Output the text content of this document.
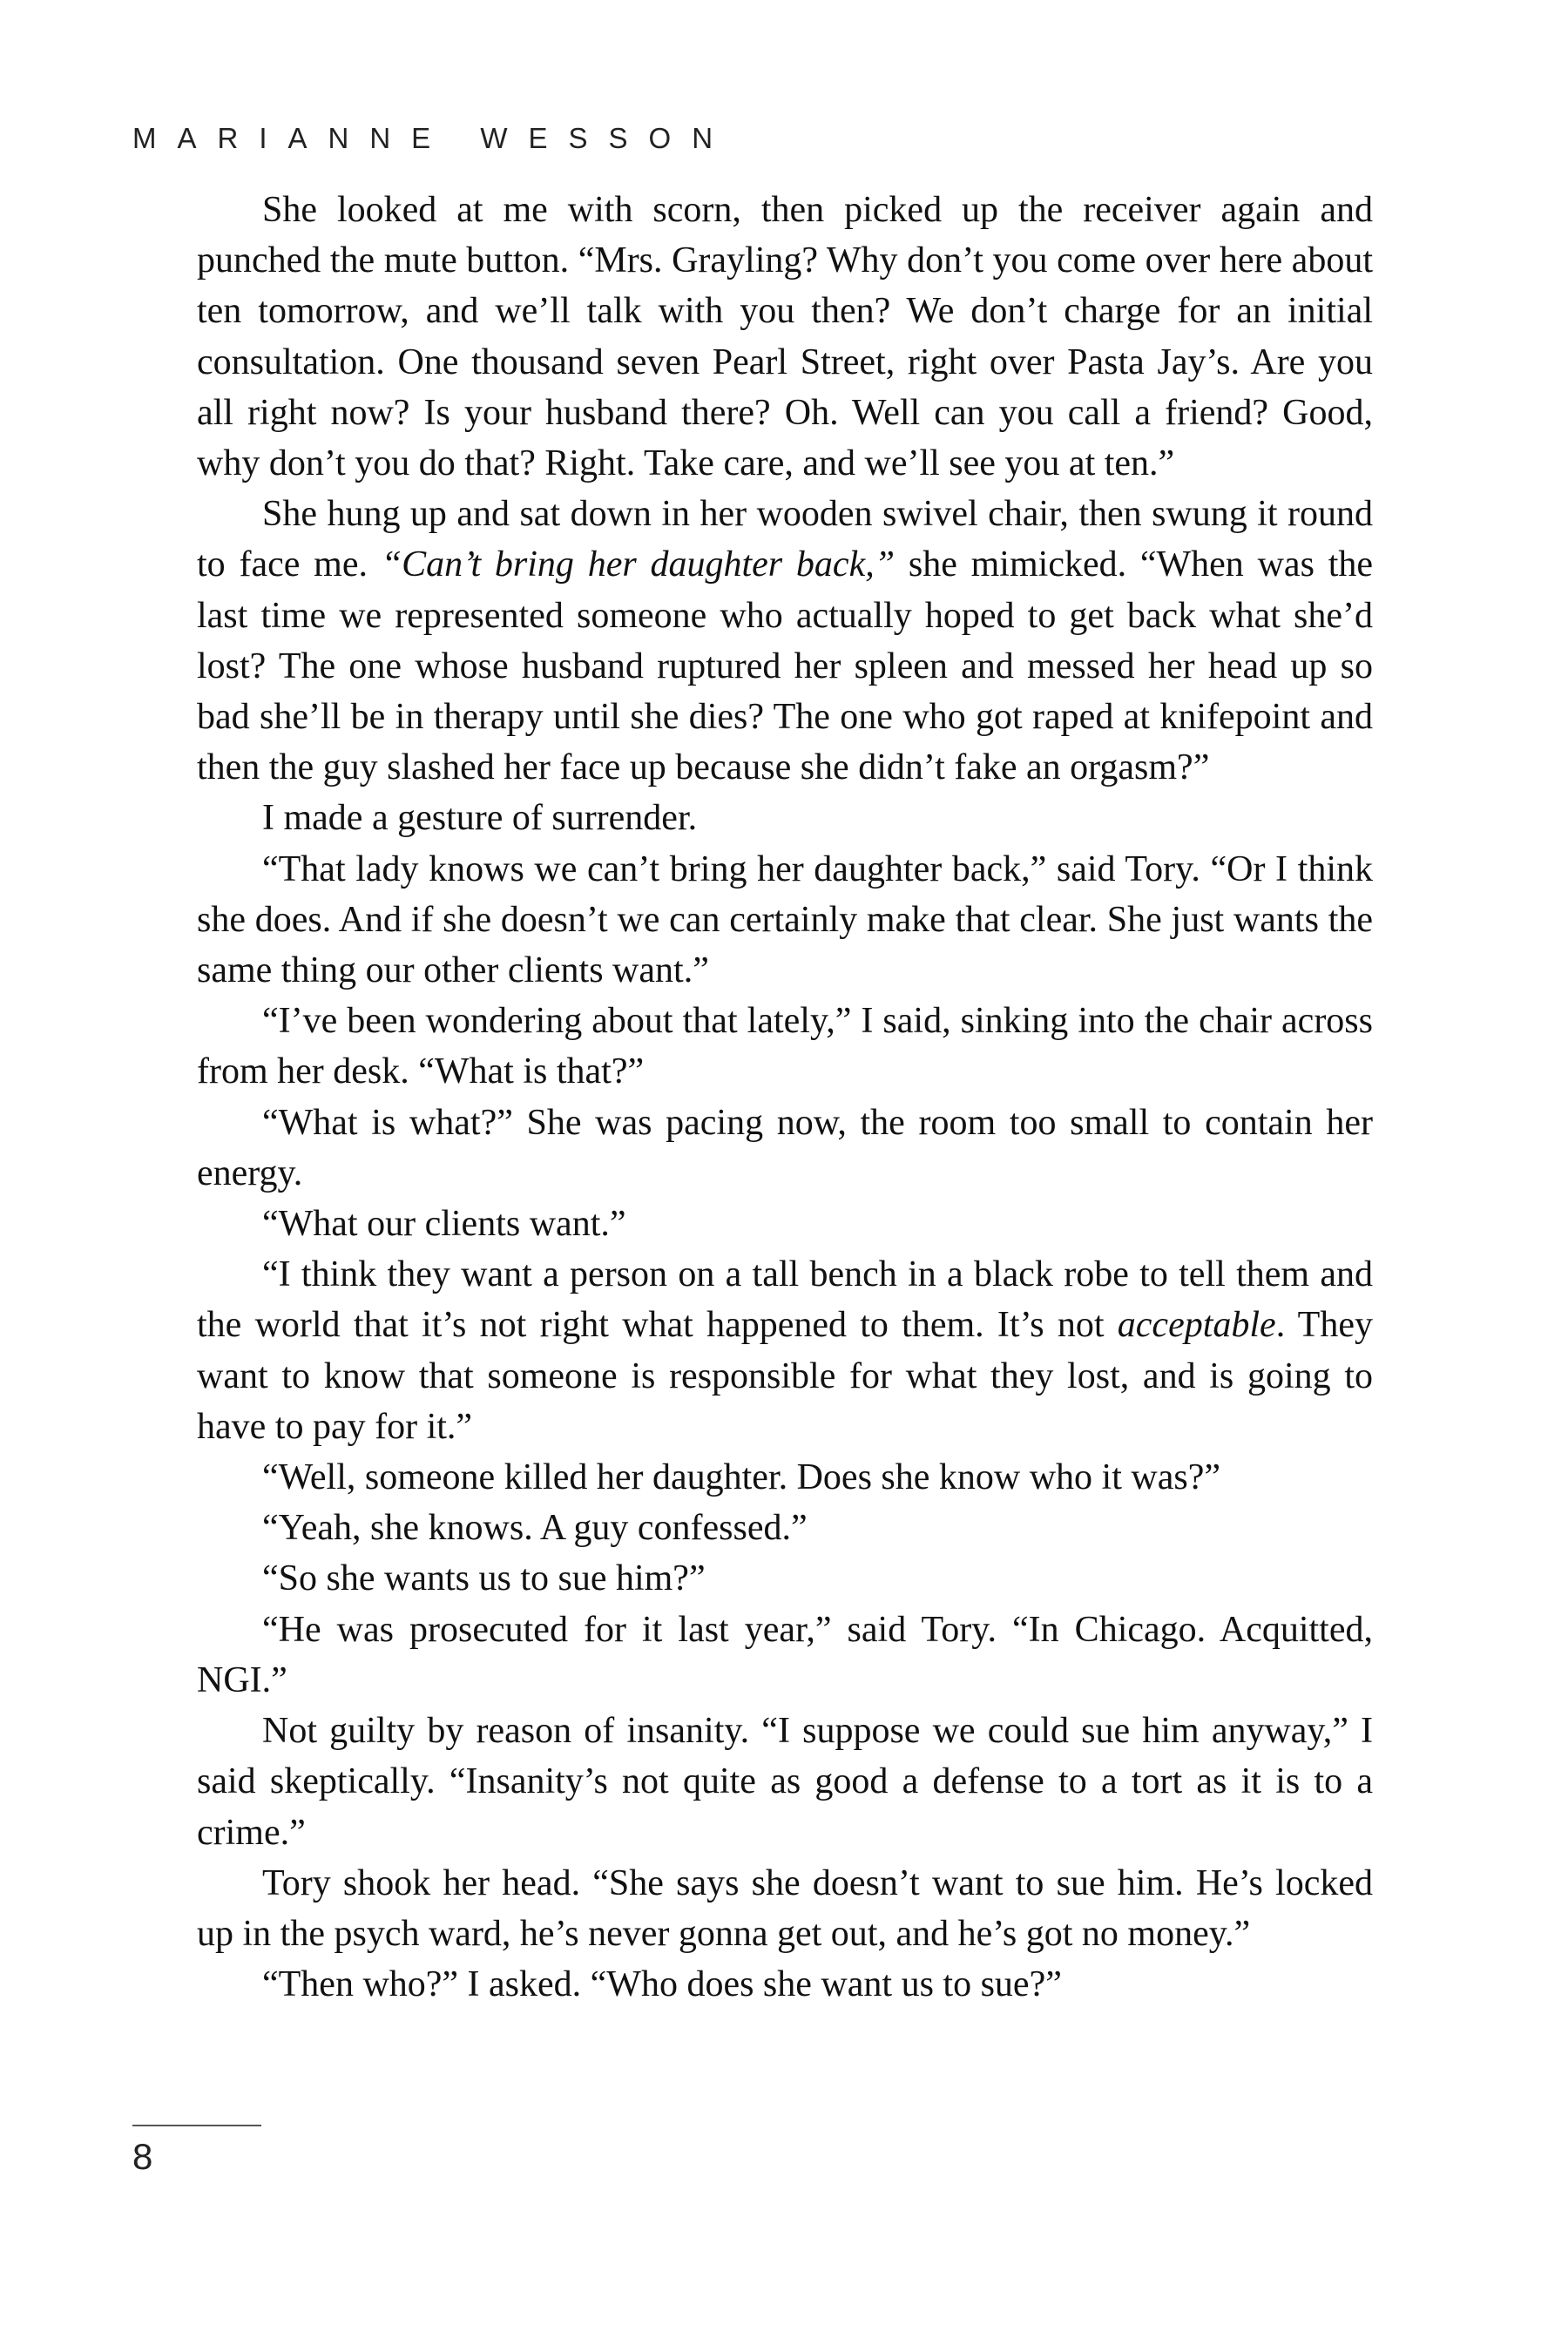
MARIANNE WESSON

She looked at me with scorn, then picked up the receiver again and punched the mute button. “Mrs. Grayling? Why don’t you come over here about ten tomorrow, and we’ll talk with you then? We don’t charge for an initial consultation. One thousand seven Pearl Street, right over Pasta Jay’s. Are you all right now? Is your husband there? Oh. Well can you call a friend? Good, why don’t you do that? Right. Take care, and we’ll see you at ten.”

She hung up and sat down in her wooden swivel chair, then swung it round to face me. “Can’t bring her daughter back,” she mimicked. “When was the last time we represented someone who actually hoped to get back what she’d lost? The one whose husband ruptured her spleen and messed her head up so bad she’ll be in therapy until she dies? The one who got raped at knifepoint and then the guy slashed her face up because she didn’t fake an orgasm?”

I made a gesture of surrender.

“That lady knows we can’t bring her daughter back,” said Tory. “Or I think she does. And if she doesn’t we can certainly make that clear. She just wants the same thing our other clients want.”

“I’ve been wondering about that lately,” I said, sinking into the chair across from her desk. “What is that?”

“What is what?” She was pacing now, the room too small to contain her energy.

“What our clients want.”

“I think they want a person on a tall bench in a black robe to tell them and the world that it’s not right what happened to them. It’s not acceptable. They want to know that someone is responsible for what they lost, and is going to have to pay for it.”

“Well, someone killed her daughter. Does she know who it was?”

“Yeah, she knows. A guy confessed.”

“So she wants us to sue him?”

“He was prosecuted for it last year,” said Tory. “In Chicago. Acquitted, NGI.”

Not guilty by reason of insanity. “I suppose we could sue him anyway,” I said skeptically. “Insanity’s not quite as good a defense to a tort as it is to a crime.”

Tory shook her head. “She says she doesn’t want to sue him. He’s locked up in the psych ward, he’s never gonna get out, and he’s got no money.”

“Then who?” I asked. “Who does she want us to sue?”

8
